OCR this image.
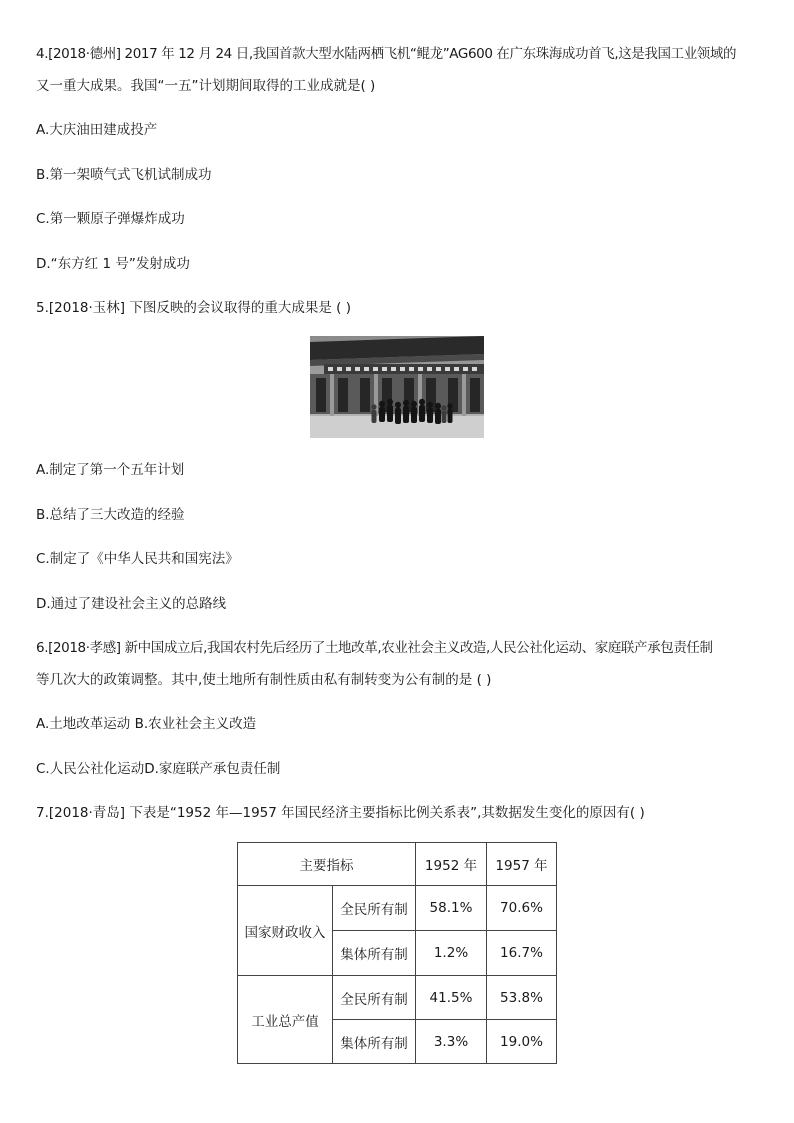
4.[2018·德州] 2017 年 12 月 24 日,我国首款大型水陆两栖飞机“鲲龙”AG600 在广东珠海成功首飞,这是我国工业领域的
又一重大成果。我国“一五”计划期间取得的工业成就是( )
A.大庆油田建成投产
B.第一架喷气式飞机试制成功
C.第一颗原子弹爆炸成功
D.“东方红 1 号”发射成功
5.[2018·玉林] 下图反映的会议取得的重大成果是 ( )
A.制定了第一个五年计划
B.总结了三大改造的经验
C.制定了《中华人民共和国宪法》
D.通过了建设社会主义的总路线
6.[2018·孝感] 新中国成立后,我国农村先后经历了土地改革,农业社会主义改造,人民公社化运动、家庭联产承包责任制
等几次大的政策调整。其中,使土地所有制性质由私有制转变为公有制的是 ( )
A.土地改革运动 B.农业社会主义改造
C.人民公社化运动D.家庭联产承包责任制
7.[2018·青岛] 下表是“1952 年—1957 年国民经济主要指标比例关系表”,其数据发生变化的原因有( )
主要指标		1952 年	1957 年
国家财政收入	全民所有制	58.1%	70.6%
	集体所有制	1.2%	16.7%
工业总产值	全民所有制	41.5%	53.8%
	集体所有制	3.3%	19.0%
